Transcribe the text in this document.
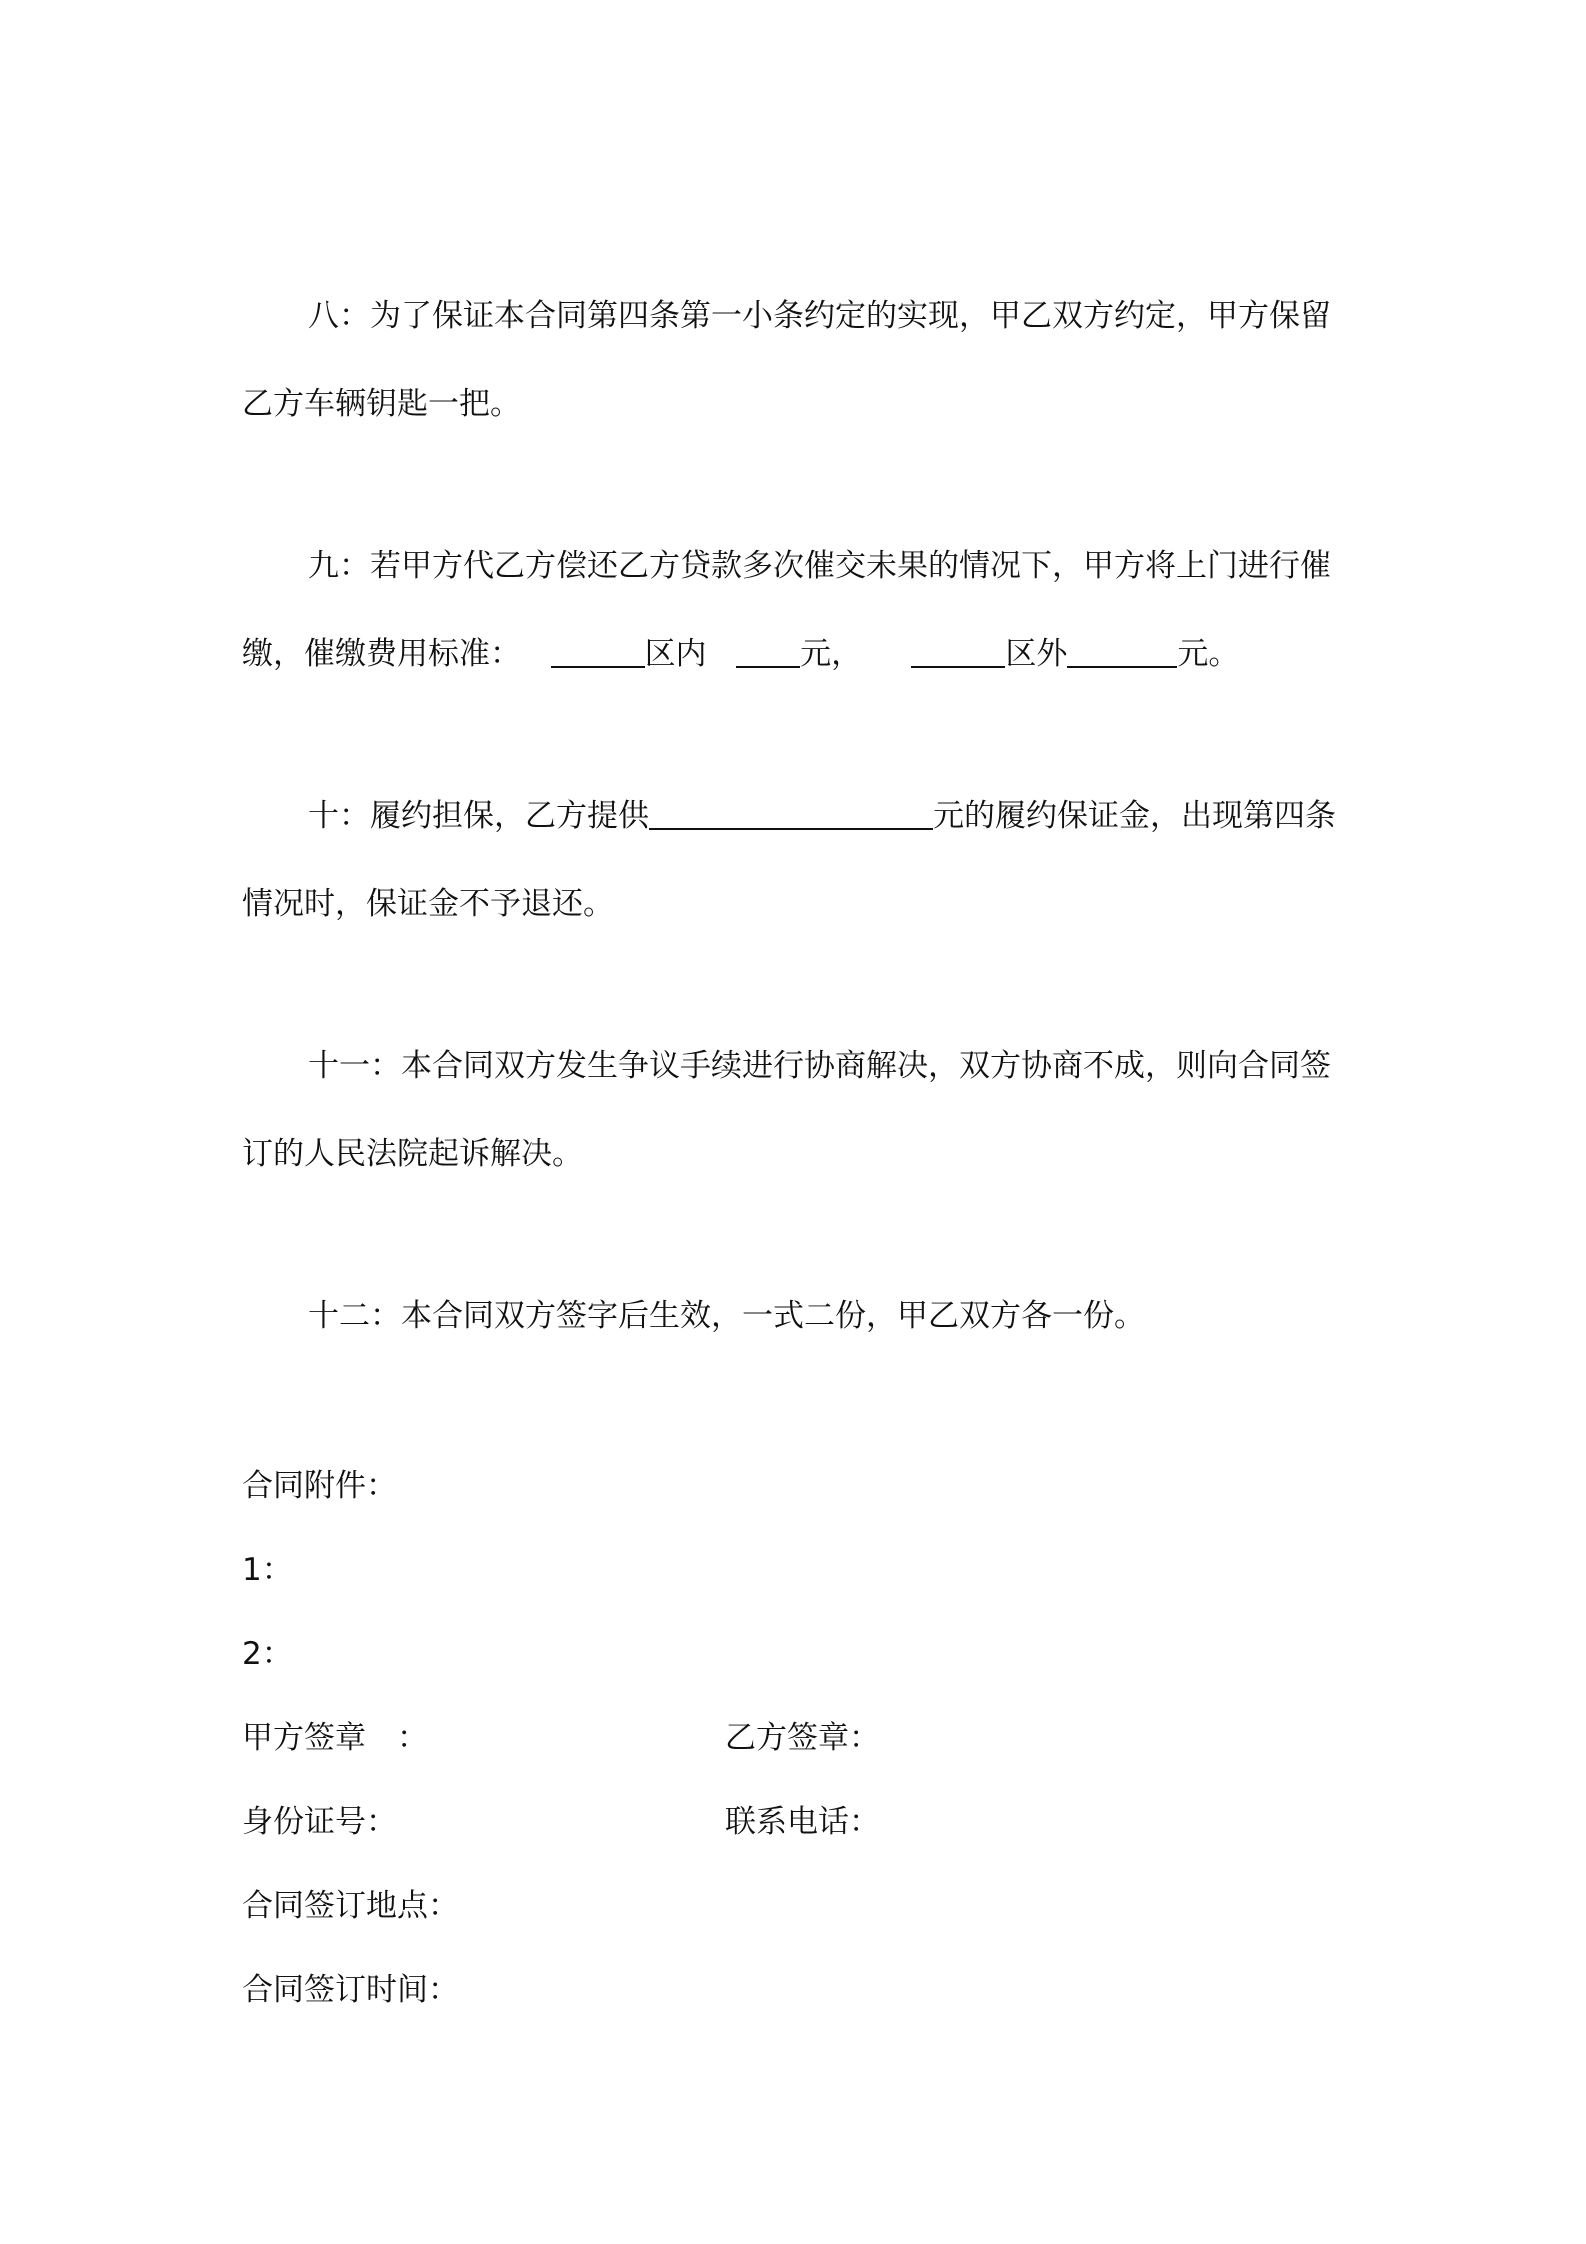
八：为了保证本合同第四条第一小条约定的实现，甲乙双方约定，甲方保留乙方车辆钥匙一把。

九：若甲方代乙方偿还乙方贷款多次催交未果的情况下，甲方将上门进行催缴，催缴费用标准：	区内	元，	区外	元。

十：履约担保，乙方提供	元的履约保证金，出现第四条情况时，保证金不予退还。

十一：本合同双方发生争议手续进行协商解决，双方协商不成，则向合同签订的人民法院起诉解决。

十二：本合同双方签字后生效，一式二份，甲乙双方各一份。

合同附件：

1：

2：

甲方签章　：	乙方签章：

身份证号：	联系电话：

合同签订地点：

合同签订时间：
